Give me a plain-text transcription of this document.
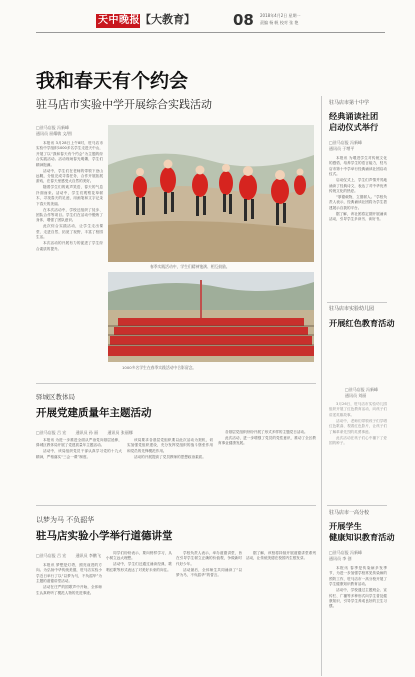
天中晚报 【大教育】	08 2018年4月2日 星期一
责编 杨 帆 校对 张 艳
我和春天有个约会
驻马店市实验中学开展综合实践活动
□驻马店报 冯新峰
通讯员 屈耀敏 文/图

本报讯 3月28日上午8时，驻马店市实验中学组织1000多名学生走进天中山，开展了以“我和春天有个约会”为主题的综合实践活动。活动现场春光明媚，学生们精神饱满。

活动中，学生们在老师的带领下登山远眺，分组完成寻春任务，合作开展拓展游戏，在春天里感受大自然的美好。

随着学生们的欢声笑语，春天的气息扑面而来。活动中，学生们观察花草树木，寻找春天的足迹，用画笔和文字记录下春天的美丽。

在本次活动中，学校还组织了徒步、团队合作等项目。学生们在活动中锻炼了身体，增强了团队意识。

此次综合实践活动，让学生走出课堂、走进自然，拓宽了视野，丰富了校园生活。

本次活动的开展有力的促进了学生综合素质的提升。

春季实践活动中，学生们精神饱满、相互鼓励。
1000多名学生在春季实践活动中合影留念。
驻马店市第十中学
经典诵读社团
启动仪式举行
□驻马店报 冯新峰
通讯员 于增平

本报讯 为增进学生对传统文化的感悟，培养学生的语言能力，驻马店市第十中学举行经典诵读社团启动仪式。

启动仪式上，学生们声情并茂地诵读了经典诗文，表达了对中华优秀传统文化的热爱。

“厚德载物，立德树人。”学校负责人表示，经典诵读社团将为学生搭建展示自我的平台。

据了解，该社团将定期开展诵读活动，引导学生多读书、读好书。

驻马店市实验幼儿园
开展红色教育活动
□驻马店报 冯新峰
通讯员 刘丽

3月26日，驻马店市实验幼儿园组织开展了红色教育活动，向孩子们讲述英雄故事。

活动中，老师们带领孩子们学唱红色歌曲、观看红色影片，让孩子们了解革命先烈的英勇事迹。

此次活动在孩子们心中播下了爱国的种子。

驻马店市一高分校
开展学生
健康知识教育活动
□驻马店报 冯新峰
通讯员 李 创

本报讯 春季是传染病多发季节，为进一步加强学校常见传染病的预防工作，驻马店市一高分校开展了学生健康知识教育活动。

活动中，学校通过主题班会、宣传栏、广播等多种形式向学生普及健康知识，引导学生养成良好的卫生习惯。

驿城区教体局
开展党建质量年主题活动
□驻马店报 吕 宏 通讯员 孙 丽 通讯员 张丽娜

本报讯 为进一步推进全面从严治党向基层延伸，驿城区教体局开展了党建质量年主题活动。

活动中，该局组织党员干部认真学习党的十九大精神，严格落实“三会一课”制度。

该局要求各基层党组织要以此次活动为契机，切实加强党组织建设，充分发挥党组织的战斗堡垒作用和党员的先锋模范作用。

活动的开展提高了党员教师的思想政治素质。

各基层党组织纷纷开展了形式多样的主题党日活动。

此次活动，进一步增强了党员的党性意识，推动了全区教育事业健康发展。

以梦为马 不负韶华
驻马店实验小学举行道德讲堂
□驻马店报 吕 宏 通讯员 李鹏飞

本报讯 梦想是灯塔，照亮前进的方向。为弘扬中华传统美德，驻马店实验小学近日举行了以“以梦为马，不负韶华”为主题的道德讲堂活动。

活动在庄严的国歌声中开始，全体师生认真聆听了模范人物的先进事迹。

同学们纷纷表示，要向榜样学习，从小树立远大理想。

活动中，学生们还通过诵读经典、歌唱红歌等形式表达了对美好未来的向往。

学校负责人表示，举办道德讲堂，旨在引导学生树立正确的价值观，争做新时代好少年。

活动最后，全体师生共同诵读了“以梦为马，不负韶华”的誓言。

据了解，该校将持续开展道德讲堂系列活动，让传统美德在校园内生根发芽。
